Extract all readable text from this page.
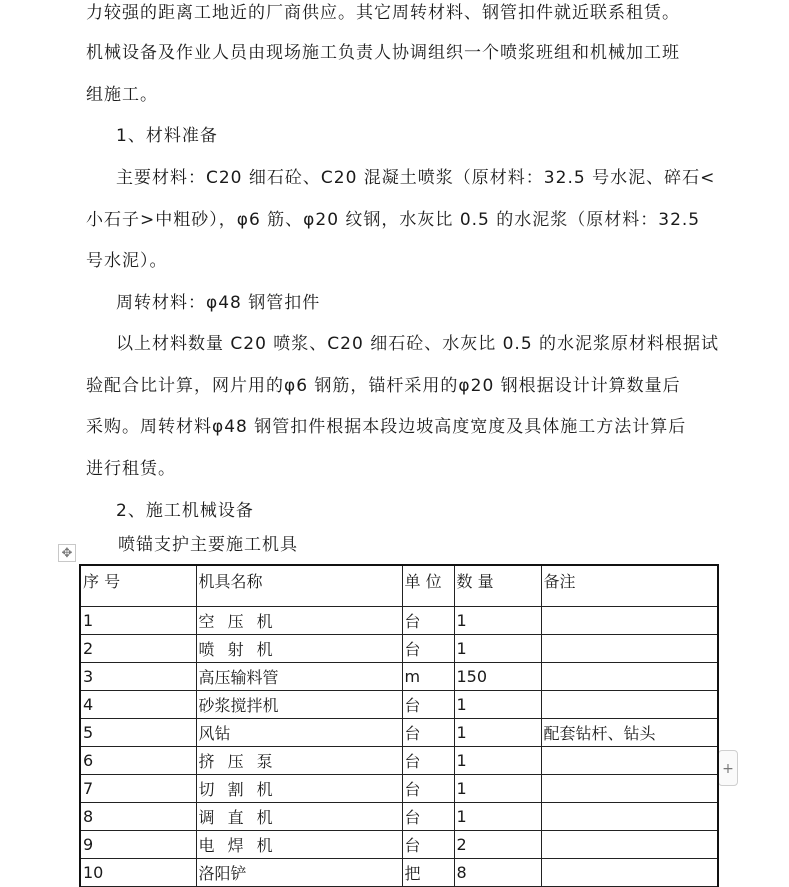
力较强的距离工地近的厂商供应。其它周转材料、钢管扣件就近联系租赁。
机械设备及作业人员由现场施工负责人协调组织一个喷浆班组和机械加工班
组施工。
1、材料准备
主要材料：C20 细石砼、C20 混凝土喷浆（原材料：32.5 号水泥、碎石<
小石子>中粗砂），φ6 筋、φ20 纹钢，水灰比 0.5 的水泥浆（原材料：32.5
号水泥）。
周转材料：φ48 钢管扣件
以上材料数量 C20 喷浆、C20 细石砼、水灰比 0.5 的水泥浆原材料根据试
验配合比计算，网片用的φ6 钢筋，锚杆采用的φ20 钢根据设计计算数量后
采购。周转材料φ48 钢管扣件根据本段边坡高度宽度及具体施工方法计算后
进行租赁。
2、施工机械设备
喷锚支护主要施工机具
✥
+
序 号	机具名称	单 位	数 量	备注
1	空 压 机	台	1	
2	喷 射 机	台	1	
3	高压输料管	m	150	
4	砂浆搅拌机	台	1	
5	风钻	台	1	配套钻杆、钻头
6	挤 压 泵	台	1	
7	切 割 机	台	1	
8	调 直 机	台	1	
9	电 焊 机	台	2	
10	洛阳铲	把	8	
